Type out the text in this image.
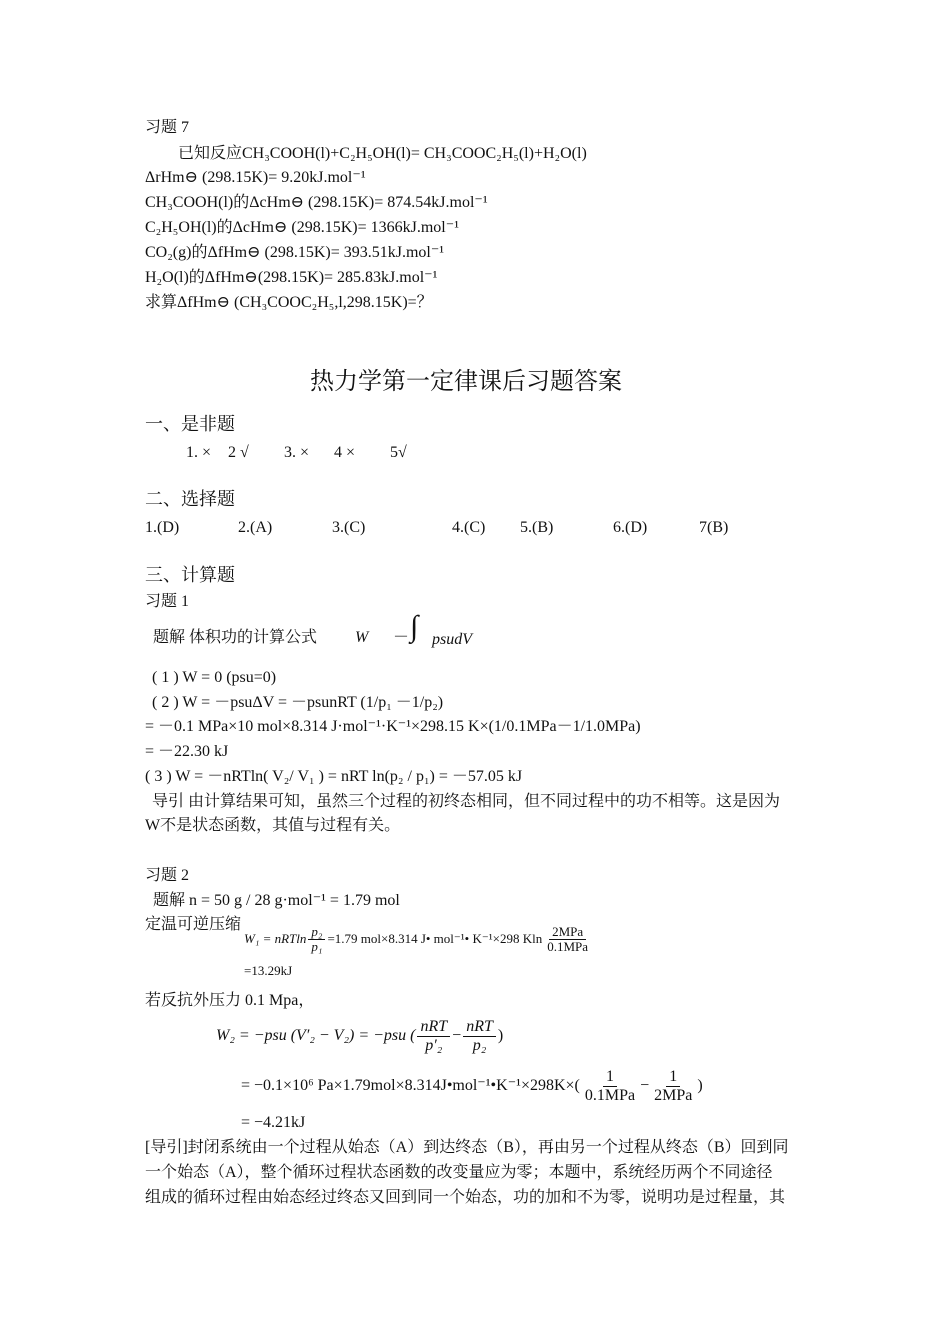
习题 7
已知反应CH₃COOH(l)+C₂H₅OH(l)= CH₃COOC₂H₅(l)+H₂O(l)
ΔrHm⊖ (298.15K)= 9.20kJ.mol⁻¹
CH₃COOH(l)的ΔcHm⊖ (298.15K)= 874.54kJ.mol⁻¹
C₂H₅OH(l)的ΔcHm⊖ (298.15K)= 1366kJ.mol⁻¹
CO₂(g)的ΔfHm⊖ (298.15K)= 393.51kJ.mol⁻¹
H₂O(l)的ΔfHm⊖(298.15K)= 285.83kJ.mol⁻¹
求算ΔfHm⊖ (CH₃COOC₂H₅,l,298.15K)=？
热力学第一定律课后习题答案
一、是非题
1. × 2 √ 3. × 4 × 5√
二、选择题
1.(D)	2.(A)	3.(C)	4.(C) 5.(B)	6.(D)	7(B)
三、计算题
习题 1
题解 体积功的计算公式 W － ∫ psudV
( 1 ) W = 0 (psu=0)
( 2 ) W = －psuΔV = －psunRT (1/p₁ －1/p₂)
= －0.1 MPa×10 mol×8.314 J·mol⁻¹·K⁻¹×298.15 K×(1/0.1MPa－1/1.0MPa)
= －22.30 kJ
( 3 ) W = －nRTln( V₂/ V₁ ) = nRT ln(p₂ / p₁) = －57.05 kJ
导引 由计算结果可知，虽然三个过程的初终态相同，但不同过程中的功不相等。这是因为
W不是状态函数，其值与过程有关。
习题 2
题解 n = 50 g / 28 g·mol⁻¹ = 1.79 mol
定温可逆压缩
W₁ = nRTln $\frac{\text{p₂}}{\text{p₁}} =1.79$ mol×8.314 J• mol⁻¹• K⁻¹×298 Kln $\frac{\text{2MPa}}{\text{0.1MPa}}$
=13.29kJ
若反抗外压力 0.1 Mpa，
W₂ = −psu (V′₂ − V₂) = −psu ( $\frac{\text{nRT}}{\text{p′₂}} - \frac{\text{nRT}}{\text{p₂}}$ )
= −0.1×10⁶ Pa×1.79mol×8.314J•mol⁻¹•K⁻¹×298K×( $\frac{1}{\text{0.1MPa}} - \frac{1}{\text{2MPa}}$ )
= −4.21kJ
[导引]封闭系统由一个过程从始态（A）到达终态（B），再由另一个过程从终态（B）回到同
一个始态（A），整个循环过程状态函数的改变量应为零；本题中，系统经历两个不同途径
组成的循环过程由始态经过终态又回到同一个始态，功的加和不为零，说明功是过程量，其
